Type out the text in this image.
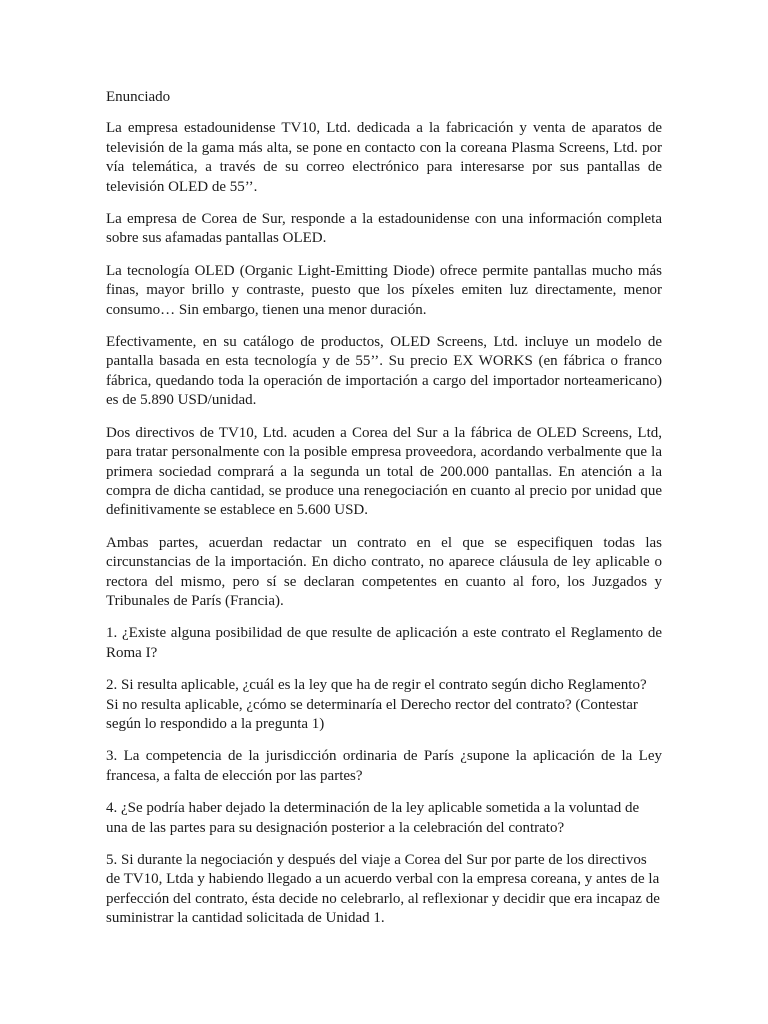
Enunciado

La empresa estadounidense TV10, Ltd. dedicada a la fabricación y venta de aparatos de televisión de la gama más alta, se pone en contacto con la coreana Plasma Screens, Ltd. por vía telemática, a través de su correo electrónico para interesarse por sus pantallas de televisión OLED de 55’’.

La empresa de Corea de Sur, responde a la estadounidense con una información completa sobre sus afamadas pantallas OLED.

La tecnología OLED (Organic Light-Emitting Diode) ofrece permite pantallas mucho más finas, mayor brillo y contraste, puesto que los píxeles emiten luz directamente, menor consumo… Sin embargo, tienen una menor duración.

Efectivamente, en su catálogo de productos, OLED Screens, Ltd. incluye un modelo de pantalla basada en esta tecnología y de 55’’. Su precio EX WORKS (en fábrica o franco fábrica, quedando toda la operación de importación a cargo del importador norteamericano) es de 5.890 USD/unidad.

Dos directivos de TV10, Ltd. acuden a Corea del Sur a la fábrica de OLED Screens, Ltd, para tratar personalmente con la posible empresa proveedora, acordando verbalmente que la primera sociedad comprará a la segunda un total de 200.000 pantallas. En atención a la compra de dicha cantidad, se produce una renegociación en cuanto al precio por unidad que definitivamente se establece en 5.600 USD.

Ambas partes, acuerdan redactar un contrato en el que se especifiquen todas las circunstancias de la importación. En dicho contrato, no aparece cláusula de ley aplicable o rectora del mismo, pero sí se declaran competentes en cuanto al foro, los Juzgados y Tribunales de París (Francia).

1. ¿Existe alguna posibilidad de que resulte de aplicación a este contrato el Reglamento de Roma I?

2. Si resulta aplicable, ¿cuál es la ley que ha de regir el contrato según dicho Reglamento? Si no resulta aplicable, ¿cómo se determinaría el Derecho rector del contrato? (Contestar según lo respondido a la pregunta 1)

3. La competencia de la jurisdicción ordinaria de París ¿supone la aplicación de la Ley francesa, a falta de elección por las partes?

4. ¿Se podría haber dejado la determinación de la ley aplicable sometida a la voluntad de una de las partes para su designación posterior a la celebración del contrato?

5. Si durante la negociación y después del viaje a Corea del Sur por parte de los directivos de TV10, Ltda y habiendo llegado a un acuerdo verbal con la empresa coreana, y antes de la perfección del contrato, ésta decide no celebrarlo, al reflexionar y decidir que era incapaz de suministrar la cantidad solicitada de Unidad 1.
